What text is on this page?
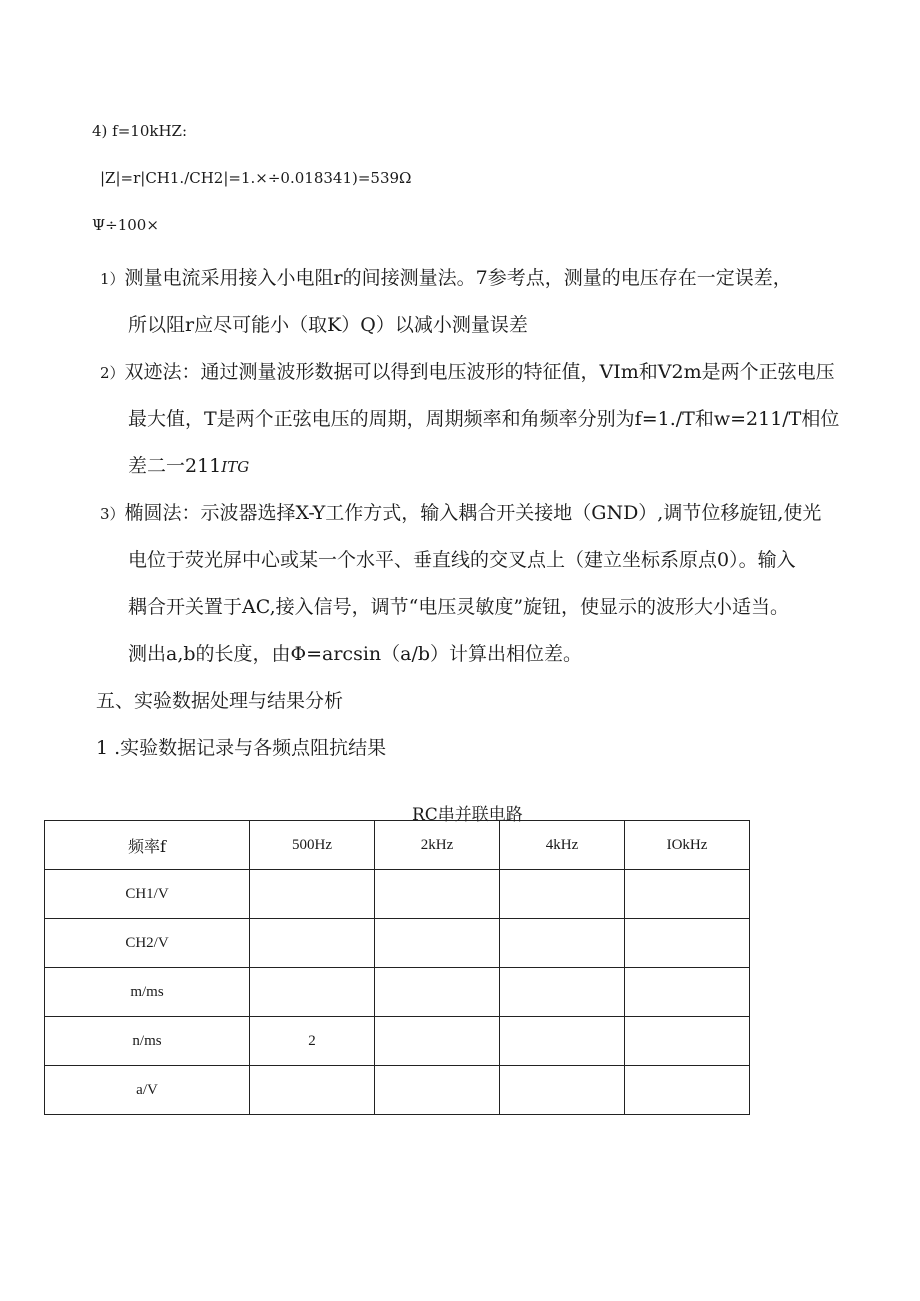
4) f=10kHZ:
|Z|=r|CH1./CH2|=1.×÷0.018341)=539Ω
Ψ÷100×
1）测量电流采用接入小电阻r的间接测量法。7参考点，测量的电压存在一定误差，
所以阻r应尽可能小（取K）Q）以减小测量误差
2）双迹法：通过测量波形数据可以得到电压波形的特征值，VIm和V2m是两个正弦电压
最大值，T是两个正弦电压的周期，周期频率和角频率分别为f=1./T和w=211/T相位
差二一211ITG
3）椭圆法：示波器选择X-Y工作方式，输入耦合开关接地（GND）,调节位移旋钮,使光
电位于荧光屏中心或某一个水平、垂直线的交叉点上（建立坐标系原点0）。输入
耦合开关置于AC,接入信号，调节“电压灵敏度”旋钮，使显示的波形大小适当。
测出a,b的长度，由Φ=arcsin（a/b）计算出相位差。
五、实验数据处理与结果分析
1 .实验数据记录与各频点阻抗结果
RC串并联电路
频率f	500Hz	2kHz	4kHz	IOkHz
CH1/V				
CH2/V				
m/ms				
n/ms	2			
a/V				
